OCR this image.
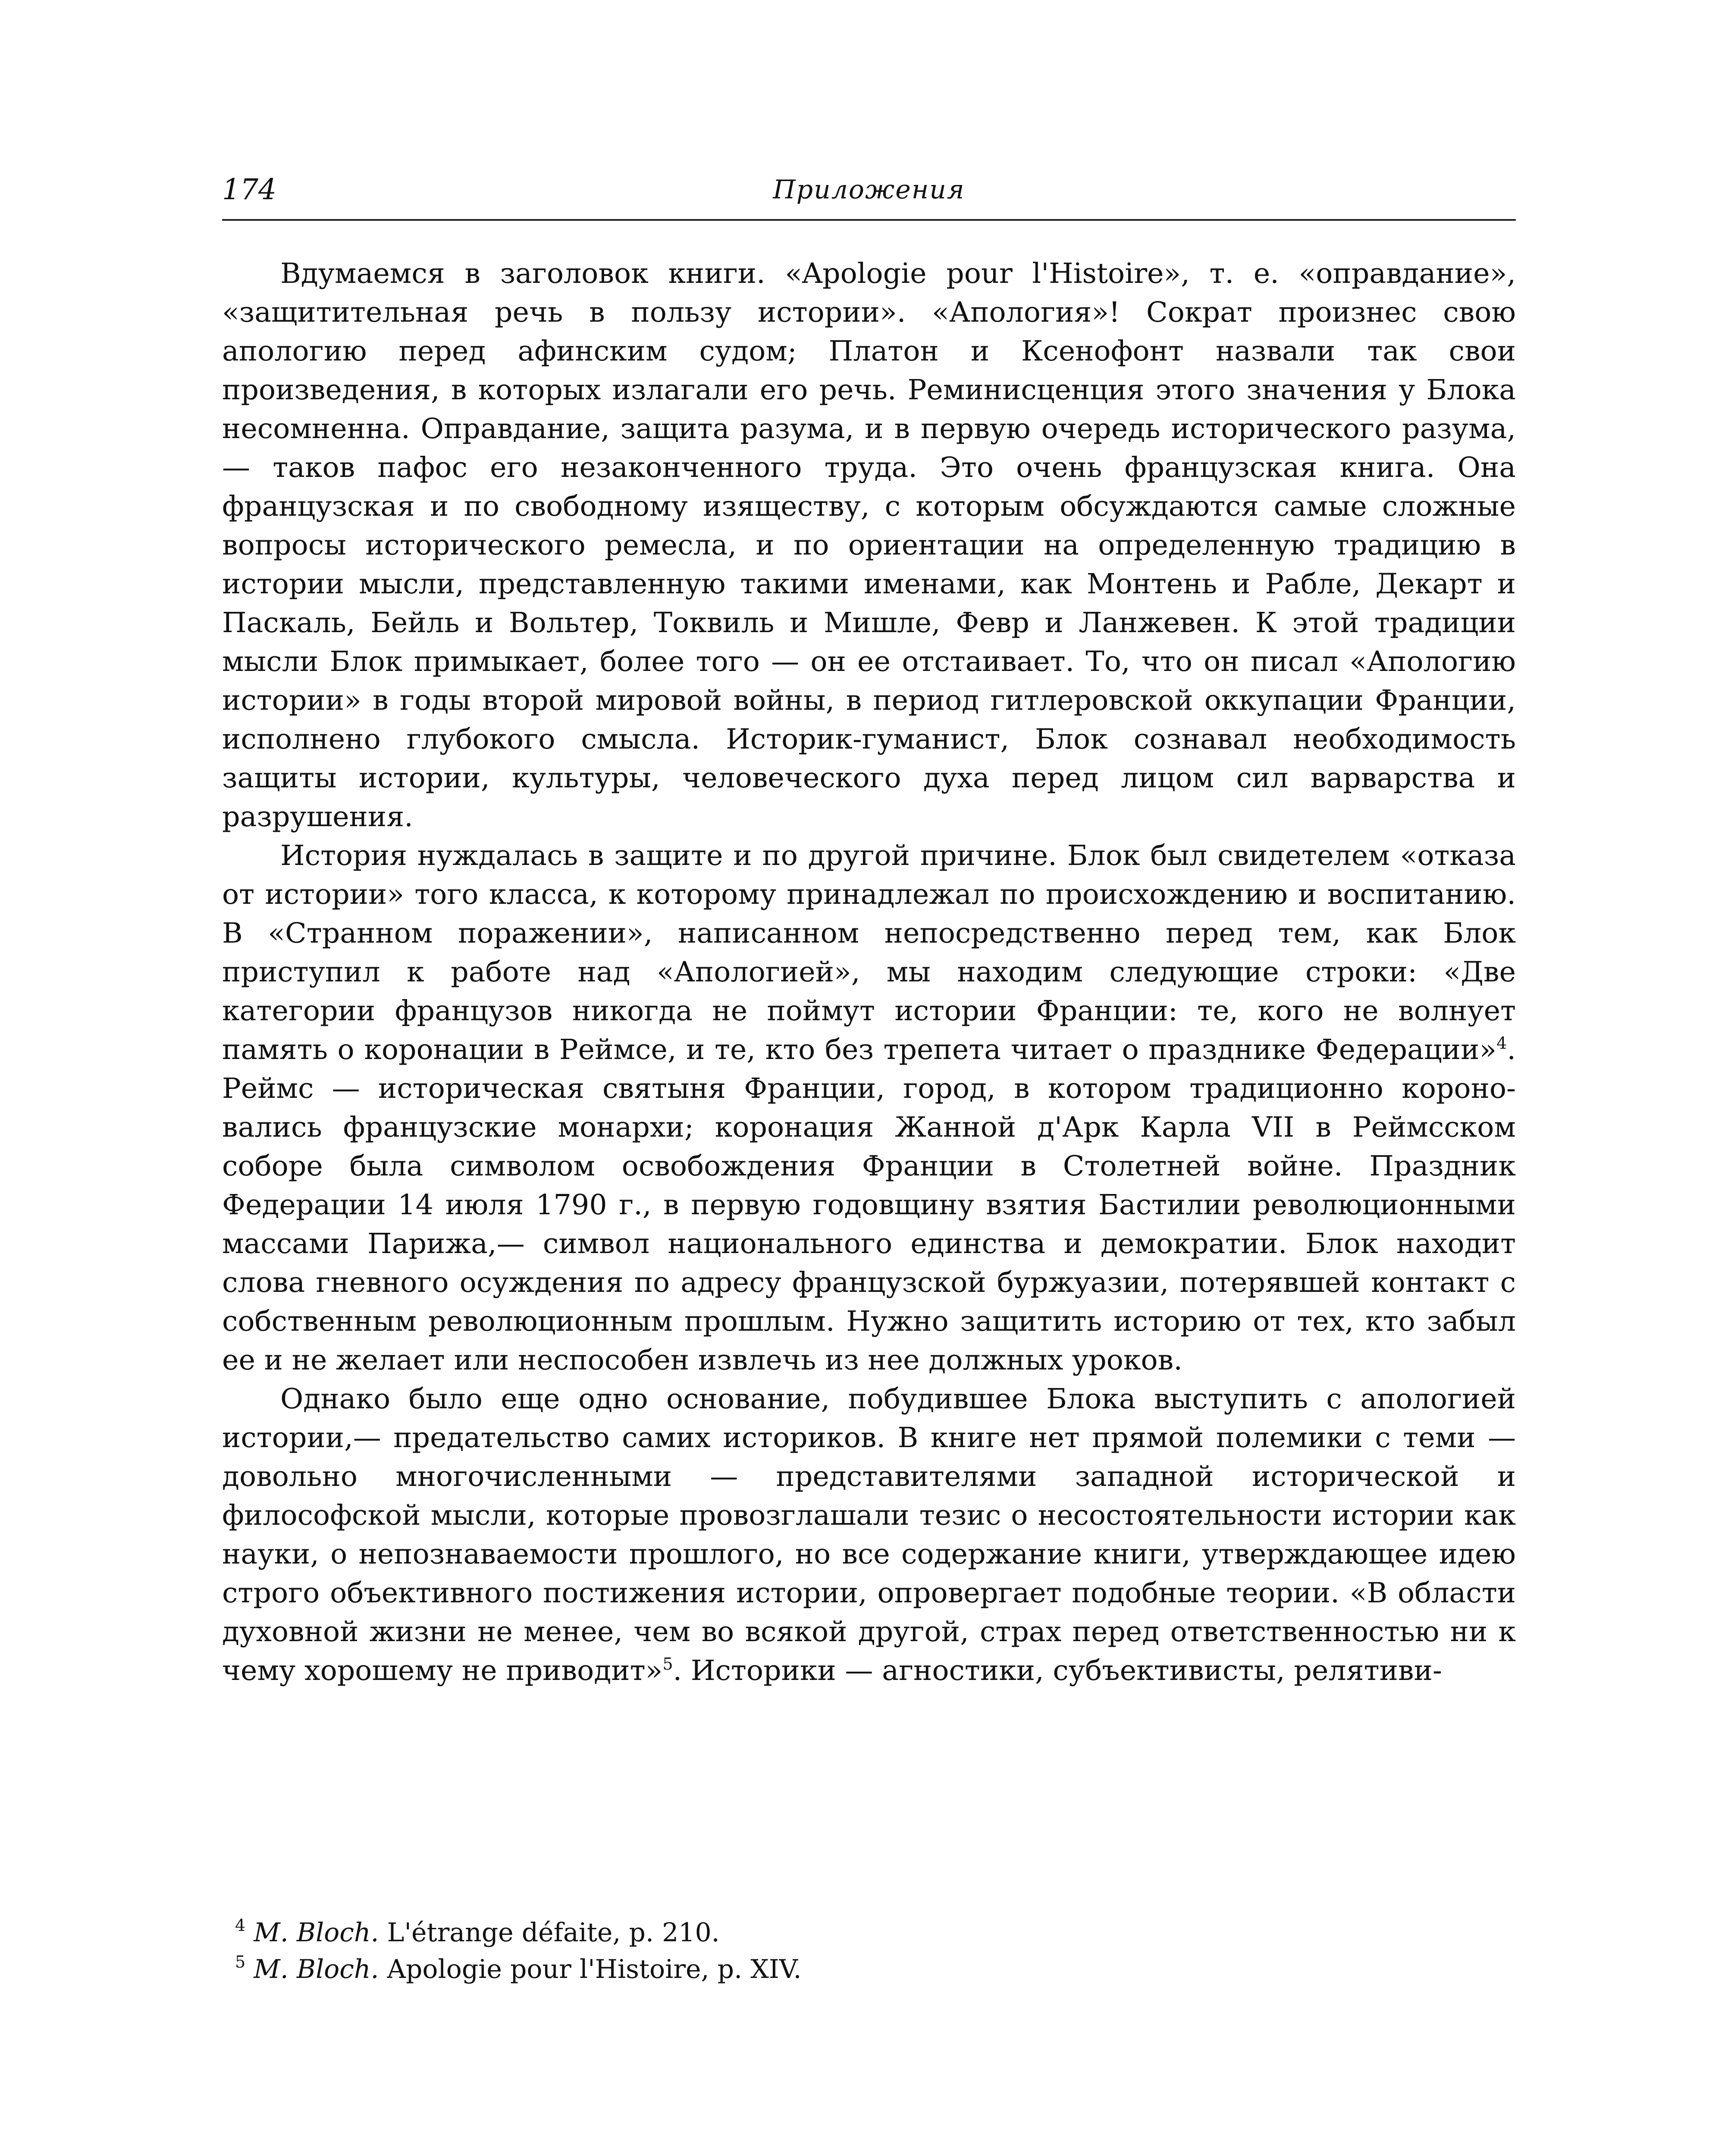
174	Приложения

Вдумаемся в заголовок книги. «Apologie pour l'Histoire», т. е. «оправдание», «защитительная речь в пользу истории». «Апология»! Сократ произнес свою апологию перед афинским судом; Платон и Ксенофонт назвали так свои произведения, в которых излагали его речь. Реминисценция этого значения у Блока несомненна. Оправдание, защита разума, и в первую очередь исторического разума,— таков пафос его незаконченного труда. Это очень французская книга. Она французская и по свободному изяществу, с которым обсуждаются самые сложные вопросы исторического ремесла, и по ориентации на определенную традицию в истории мысли, представленную такими именами, как Монтень и Рабле, Декарт и Паскаль, Бейль и Вольтер, Токвиль и Мишле, Февр и Ланжевен. К этой традиции мысли Блок примыкает, более того — он ее отстаивает. То, что он писал «Апологию истории» в годы второй мировой войны, в период гитлеровской оккупации Франции, исполнено глубокого смысла. Историк-гуманист, Блок сознавал необходимость защиты истории, культуры, человеческого духа перед лицом сил варварства и разрушения.

История нуждалась в защите и по другой причине. Блок был свидетелем «отказа от истории» того класса, к которому принадлежал по происхождению и воспитанию. В «Странном поражении», написанном непосредственно перед тем, как Блок приступил к работе над «Апологией», мы находим следующие строки: «Две категории французов никогда не поймут истории Франции: те, кого не волнует память о коронации в Реймсе, и те, кто без трепета читает о празднике Федерации»$^4$. Реймс — историческая святыня Франции, город, в котором традиционно короновались французские монархи; коронация Жанной д'Арк Карла VII в Реймсском соборе была символом освобождения Франции в Столетней войне. Праздник Федерации 14 июля 1790 г., в первую годовщину взятия Бастилии революционными массами Парижа,— символ национального единства и демократии. Блок находит слова гневного осуждения по адресу французской буржуазии, потерявшей контакт с собственным революционным прошлым. Нужно защитить историю от тех, кто забыл ее и не желает или неспособен извлечь из нее должных уроков.

Однако было еще одно основание, побудившее Блока выступить с апологией истории,— предательство самих историков. В книге нет прямой полемики с теми — довольно многочисленными — представителями западной исторической и философской мысли, которые провозглашали тезис о несостоятельности истории как науки, о непознаваемости прошлого, но все содержание книги, утверждающее идею строго объективного постижения истории, опровергает подобные теории. «В области духовной жизни не менее, чем во всякой другой, страх перед ответственностью ни к чему хорошему не приводит»$^5$. Историки — агностики, субъективисты, релятиви-

$^4$ M. Bloch. L'étrange défaite, p. 210.

$^5$ M. Bloch. Apologie pour l'Histoire, p. XIV.
